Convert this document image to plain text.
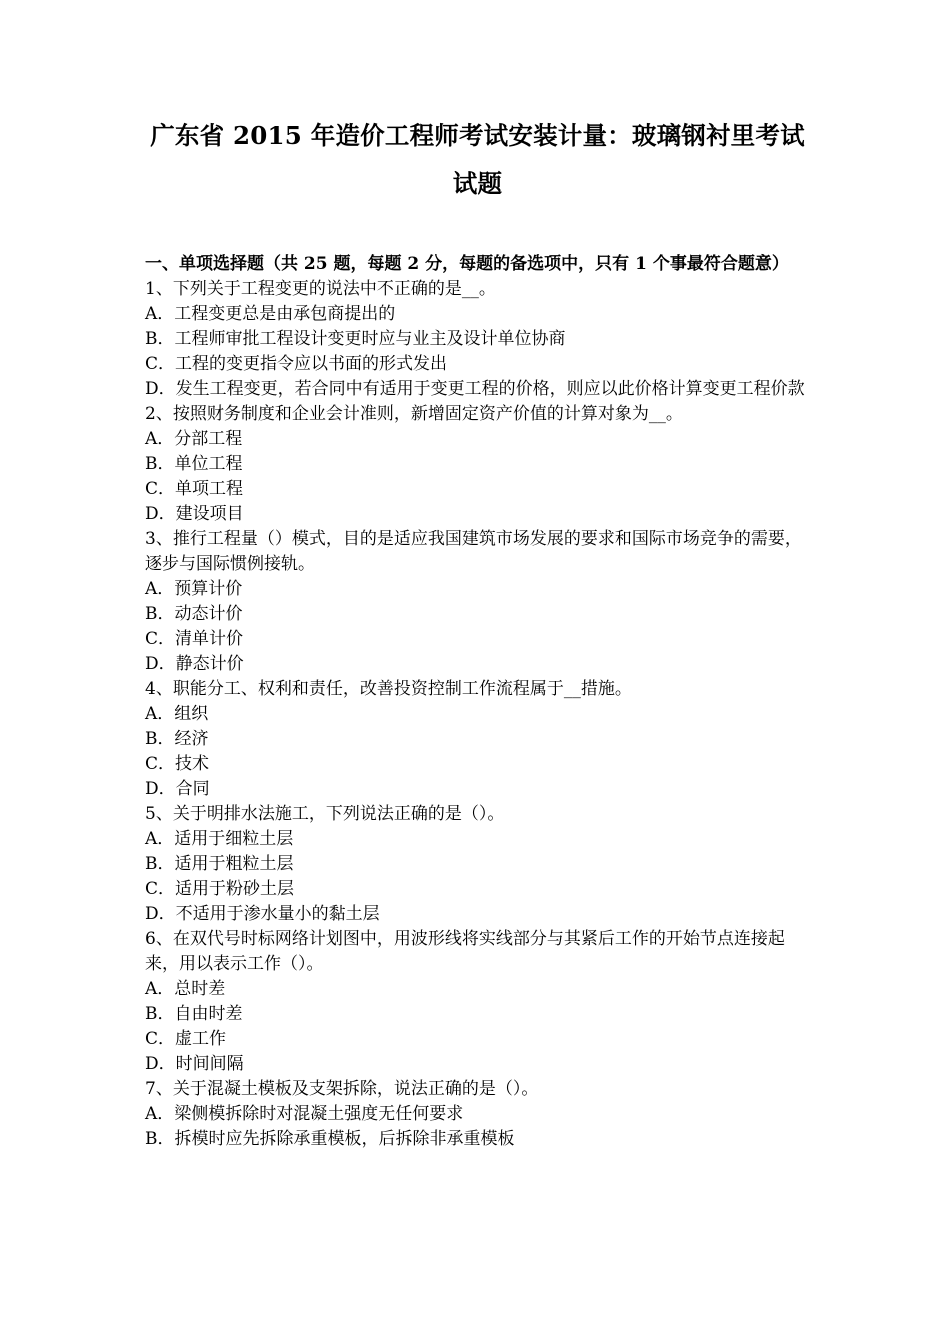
广东省 2015 年造价工程师考试安装计量：玻璃钢衬里考试试题
一、单项选择题（共 25 题，每题 2 分，每题的备选项中，只有 1 个事最符合题意）

1、下列关于工程变更的说法中不正确的是__。

A．工程变更总是由承包商提出的

B．工程师审批工程设计变更时应与业主及设计单位协商

C．工程的变更指令应以书面的形式发出

D．发生工程变更，若合同中有适用于变更工程的价格，则应以此价格计算变更工程价款

2、按照财务制度和企业会计准则，新增固定资产价值的计算对象为__。

A．分部工程

B．单位工程

C．单项工程

D．建设项目

3、推行工程量（）模式，目的是适应我国建筑市场发展的要求和国际市场竞争的需要，逐步与国际惯例接轨。

A．预算计价

B．动态计价

C．清单计价

D．静态计价

4、职能分工、权利和责任，改善投资控制工作流程属于__措施。

A．组织

B．经济

C．技术

D．合同

5、关于明排水法施工，下列说法正确的是（）。

A．适用于细粒土层

B．适用于粗粒土层

C．适用于粉砂土层

D．不适用于渗水量小的黏土层

6、在双代号时标网络计划图中，用波形线将实线部分与其紧后工作的开始节点连接起来，用以表示工作（）。

A．总时差

B．自由时差

C．虚工作

D．时间间隔

7、关于混凝土模板及支架拆除，说法正确的是（）。

A．梁侧模拆除时对混凝土强度无任何要求

B．拆模时应先拆除承重模板，后拆除非承重模板
